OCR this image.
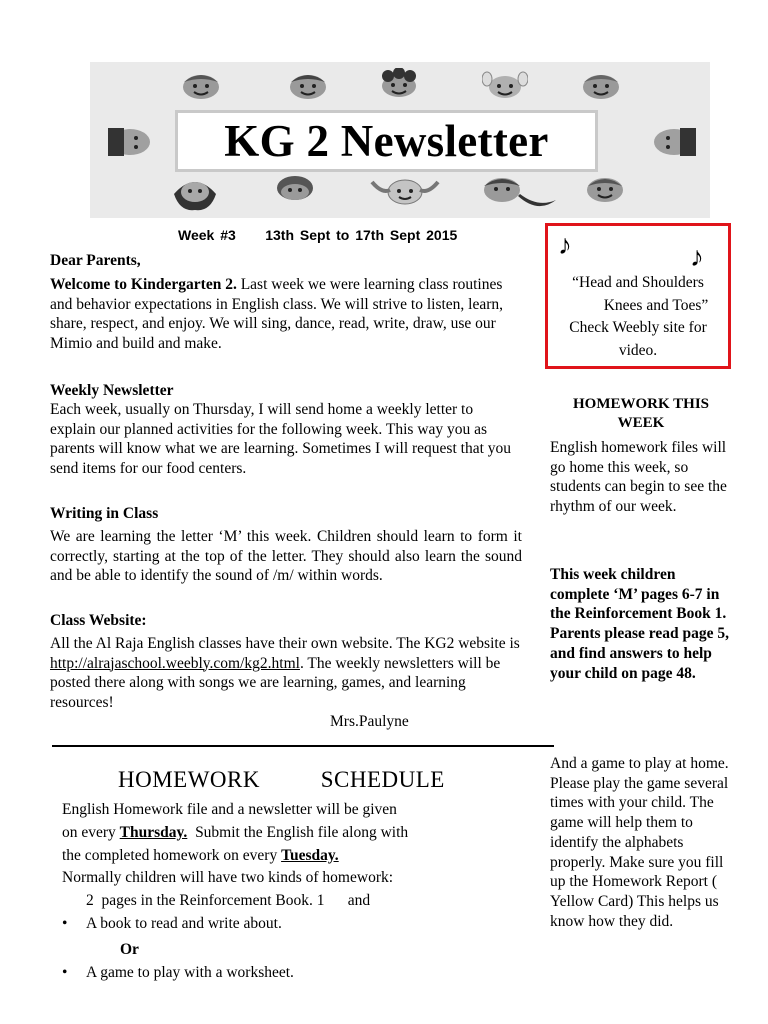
KG 2 Newsletter
Week #3     13th Sept to 17th Sept 2015
Dear Parents,
Welcome to Kindergarten 2. Last week we were learning class routines and behavior expectations in English class. We will strive to listen, learn, share, respect, and enjoy. We will sing, dance, read, write, draw, use our Mimio and build and make.
Weekly Newsletter
Each week, usually on Thursday, I will send home a weekly letter to explain our planned activities for the following week. This way you as parents will know what we are learning. Sometimes I will request that you send items for our food centers.
Writing in Class
We are learning the letter ‘M’ this week. Children should learn to form it correctly, starting at the top of the letter. They should also learn the sound and be able to identify the sound of /m/ within words.
Class Website:
All the Al Raja English classes have their own website. The KG2 website is http://alrajaschool.weebly.com/kg2.html. The weekly newsletters will be posted there along with songs we are learning, games, and learning resources!
Mrs.Paulyne
HOMEWORK   SCHEDULE
English Homework file and a newsletter will be given
on every Thursday.  Submit the English file along with
the completed homework on every Tuesday.
Normally children will have two kinds of homework:
2  pages in the Reinforcement Book. 1      and
• A book to read and write about.
Or
• A game to play with a worksheet.
♪	♪
“Head and Shoulders
Knees and Toes”
Check Weebly site for
video.
HOMEWORK THIS WEEK
English homework files will go home this week, so students can begin to see the rhythm of our week.
This week children complete ‘M’ pages 6-7 in the Reinforcement Book 1. Parents please read page 5, and find answers to help your child on page 48.
And a game to play at home. Please play the game several times with your child. The game will help them to identify the alphabets properly. Make sure you fill up the Homework Report ( Yellow Card) This helps us know how they did.
